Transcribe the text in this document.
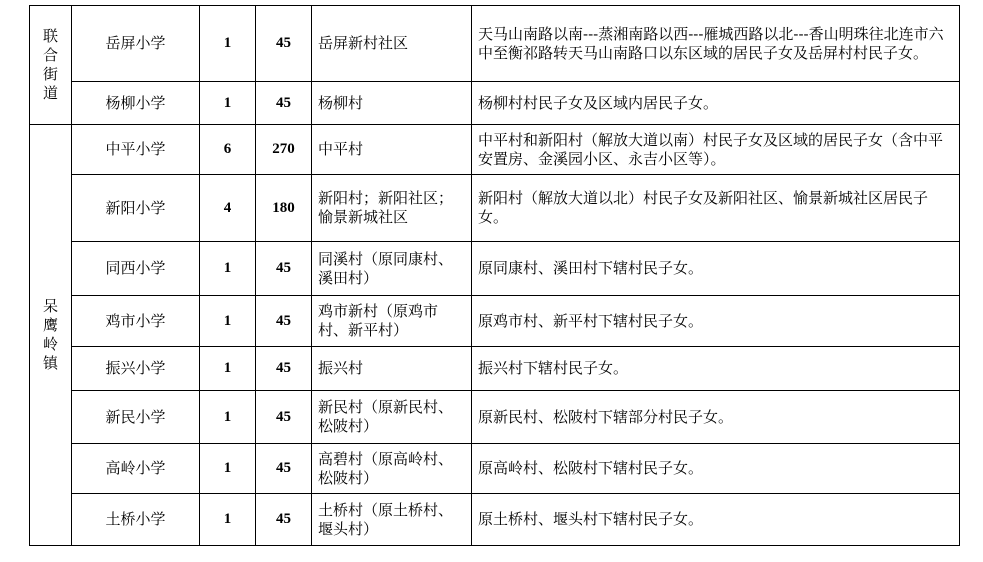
联合街道	岳屏小学	1	45	岳屏新村社区	天马山南路以南---蒸湘南路以西---雁城西路以北---香山明珠往北连市六中至衡祁路转天马山南路口以东区域的居民子女及岳屏村村民子女。
	杨柳小学	1	45	杨柳村	杨柳村村民子女及区域内居民子女。

呆鹰岭镇	中平小学	6	270	中平村	中平村和新阳村（解放大道以南）村民子女及区域的居民子女（含中平安置房、金溪园小区、永吉小区等）。
	新阳小学	4	180	新阳村；新阳社区；愉景新城社区	新阳村（解放大道以北）村民子女及新阳社区、愉景新城社区居民子女。
	同西小学	1	45	同溪村（原同康村、溪田村）	原同康村、溪田村下辖村民子女。
	鸡市小学	1	45	鸡市新村（原鸡市村、新平村）	原鸡市村、新平村下辖村民子女。
	振兴小学	1	45	振兴村	振兴村下辖村民子女。
	新民小学	1	45	新民村（原新民村、松陂村）	原新民村、松陂村下辖部分村民子女。
	高岭小学	1	45	高碧村（原高岭村、松陂村）	原高岭村、松陂村下辖村民子女。
	土桥小学	1	45	土桥村（原土桥村、堰头村）	原土桥村、堰头村下辖村民子女。
